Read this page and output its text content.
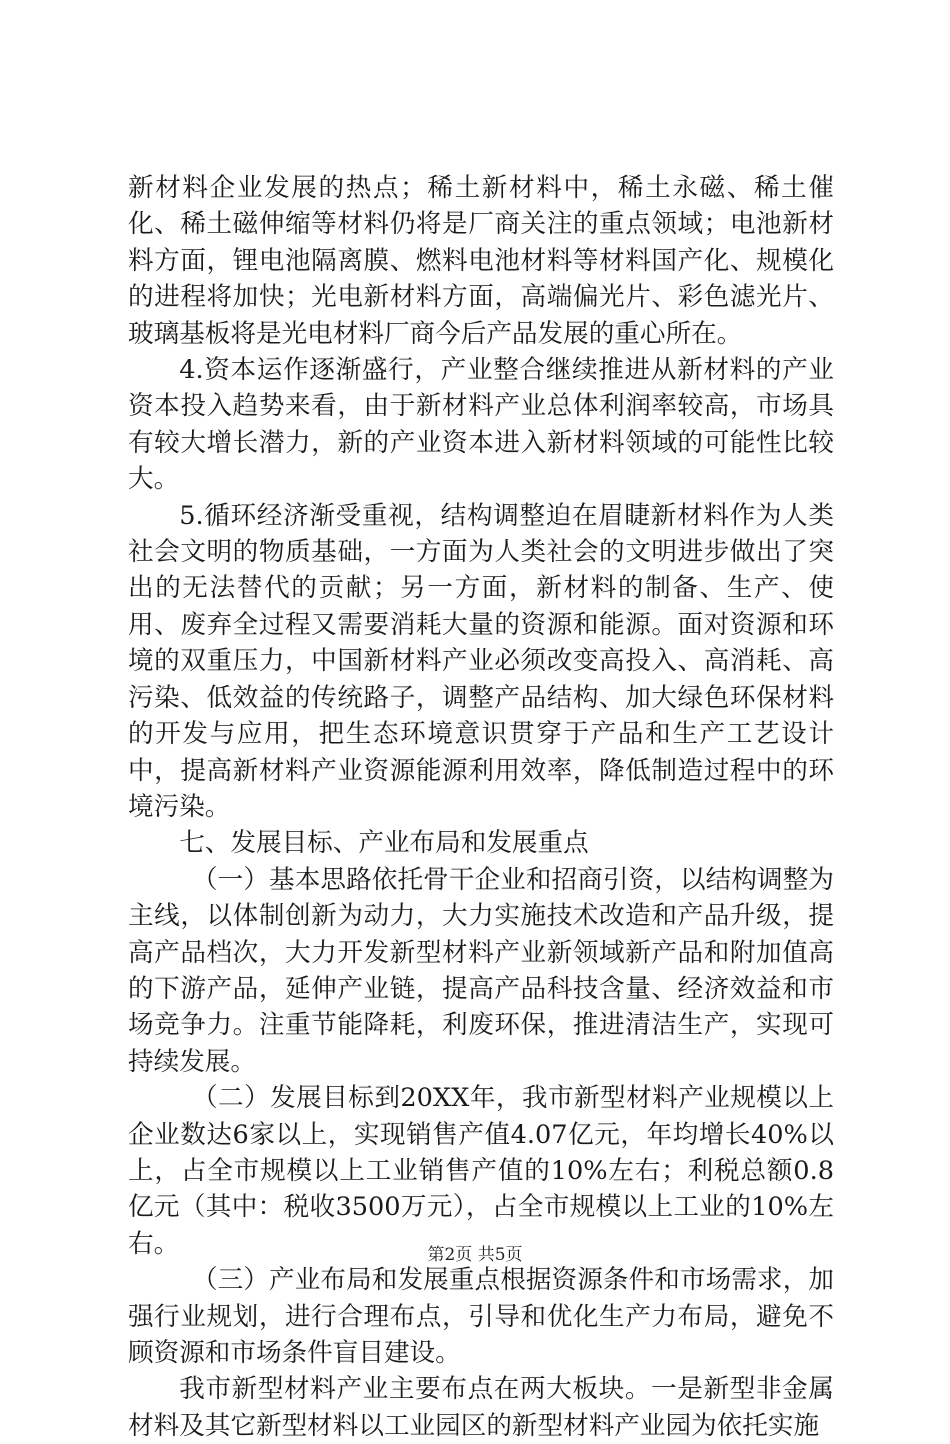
新材料企业发展的热点；稀土新材料中，稀土永磁、稀土催化、稀土磁伸缩等材料仍将是厂商关注的重点领域；电池新材料方面，锂电池隔离膜、燃料电池材料等材料国产化、规模化的进程将加快；光电新材料方面，高端偏光片、彩色滤光片、玻璃基板将是光电材料厂商今后产品发展的重心所在。

4.资本运作逐渐盛行，产业整合继续推进从新材料的产业资本投入趋势来看，由于新材料产业总体利润率较高，市场具有较大增长潜力，新的产业资本进入新材料领域的可能性比较大。

5.循环经济渐受重视，结构调整迫在眉睫新材料作为人类社会文明的物质基础，一方面为人类社会的文明进步做出了突出的无法替代的贡献；另一方面，新材料的制备、生产、使用、废弃全过程又需要消耗大量的资源和能源。面对资源和环境的双重压力，中国新材料产业必须改变高投入、高消耗、高污染、低效益的传统路子，调整产品结构、加大绿色环保材料的开发与应用，把生态环境意识贯穿于产品和生产工艺设计中，提高新材料产业资源能源利用效率，降低制造过程中的环境污染。

七、发展目标、产业布局和发展重点

（一）基本思路依托骨干企业和招商引资，以结构调整为主线，以体制创新为动力，大力实施技术改造和产品升级，提高产品档次，大力开发新型材料产业新领域新产品和附加值高的下游产品，延伸产业链，提高产品科技含量、经济效益和市场竞争力。注重节能降耗，利废环保，推进清洁生产，实现可持续发展。

（二）发展目标到20XX年，我市新型材料产业规模以上企业数达6家以上，实现销售产值4.07亿元，年均增长40%以上，占全市规模以上工业销售产值的10%左右；利税总额0.8亿元（其中：税收3500万元），占全市规模以上工业的10%左右。

（三）产业布局和发展重点根据资源条件和市场需求，加强行业规划，进行合理布点，引导和优化生产力布局，避免不顾资源和市场条件盲目建设。

我市新型材料产业主要布点在两大板块。一是新型非金属材料及其它新型材料以工业园区的新型材料产业园为依托实施

第2页 共5页
